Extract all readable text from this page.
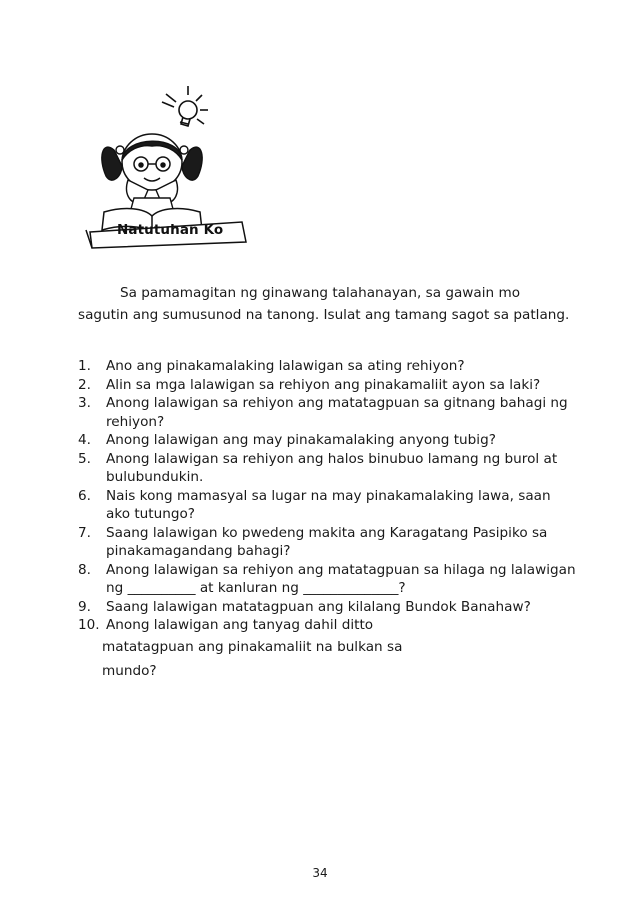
Natutuhan Ko

Sa pamamagitan ng ginawang talahanayan, sa gawain mo sagutin ang sumusunod na tanong. Isulat ang tamang sagot sa patlang.

1. Ano ang pinakamalaking lalawigan sa ating rehiyon?
2. Alin sa mga lalawigan sa rehiyon ang pinakamaliit ayon sa laki?
3. Anong lalawigan sa rehiyon ang matatagpuan sa gitnang bahagi ng rehiyon?
4. Anong lalawigan ang may pinakamalaking anyong tubig?
5. Anong lalawigan sa rehiyon ang halos binubuo lamang ng burol at bulubundukin.
6. Nais kong mamasyal sa lugar na may pinakamalaking lawa, saan ako tutungo?
7. Saang lalawigan ko pwedeng makita ang Karagatang Pasipiko sa pinakamagandang bahagi?
8. Anong lalawigan sa rehiyon ang matatagpuan sa hilaga ng lalawigan ng __________ at kanluran ng ______________?
9. Saang lalawigan matatagpuan ang kilalang Bundok Banahaw?
10. Anong lalawigan ang tanyag dahil ditto
matatagpuan ang pinakamaliit na bulkan sa
mundo?
34
